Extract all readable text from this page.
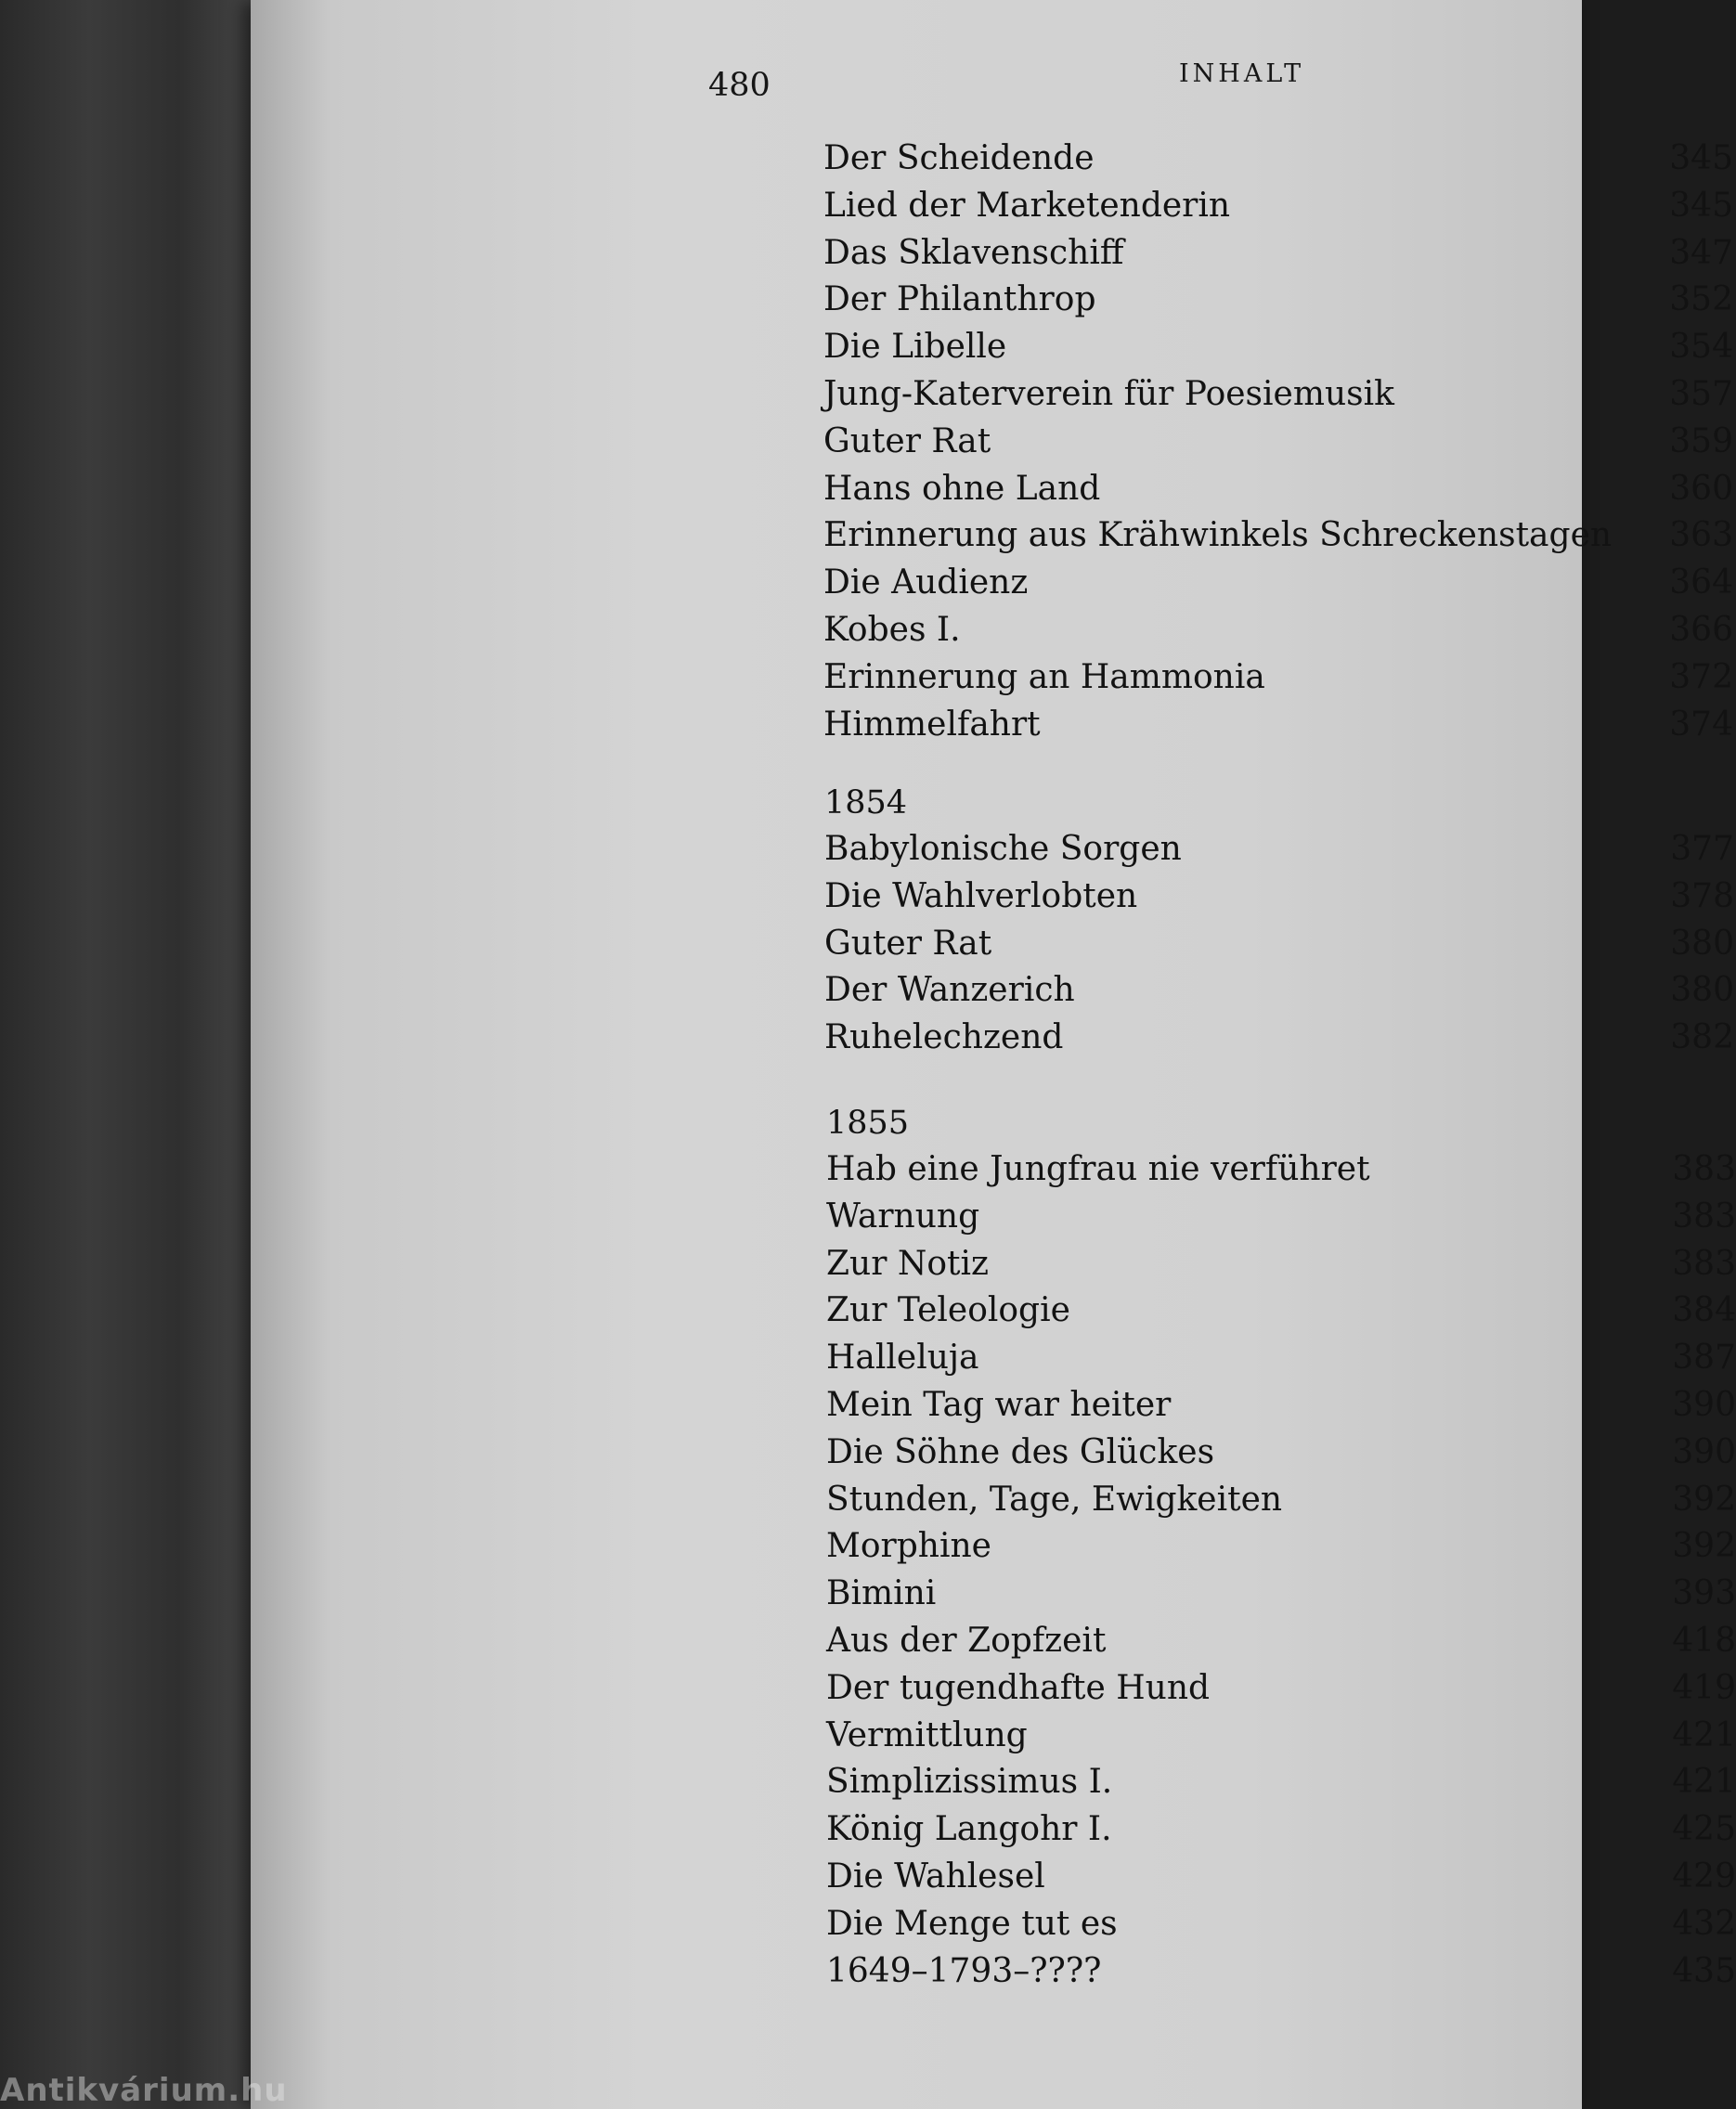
480	INHALT
Der Scheidende	345
Lied der Marketenderin	345
Das Sklavenschiff	347
Der Philanthrop	352
Die Libelle	354
Jung-Katerverein für Poesiemusik	357
Guter Rat	359
Hans ohne Land	360
Erinnerung aus Krähwinkels Schreckenstagen 363
Die Audienz	364
Kobes I.	366
Erinnerung an Hammonia	372
Himmelfahrt	374
1854
Babylonische Sorgen	377
Die Wahlverlobten	378
Guter Rat	380
Der Wanzerich	380
Ruhelechzend	382
1855
Hab eine Jungfrau nie verführet	383
Warnung	383
Zur Notiz	383
Zur Teleologie	384
Halleluja	387
Mein Tag war heiter	390
Die Söhne des Glückes	390
Stunden, Tage, Ewigkeiten	392
Morphine	392
Bimini	393
Aus der Zopfzeit	418
Der tugendhafte Hund	419
Vermittlung	421
Simplizissimus I.	421
König Langohr I.	425
Die Wahlesel	429
Die Menge tut es	432
1649–1793–????	435
Antikvárium.hu
